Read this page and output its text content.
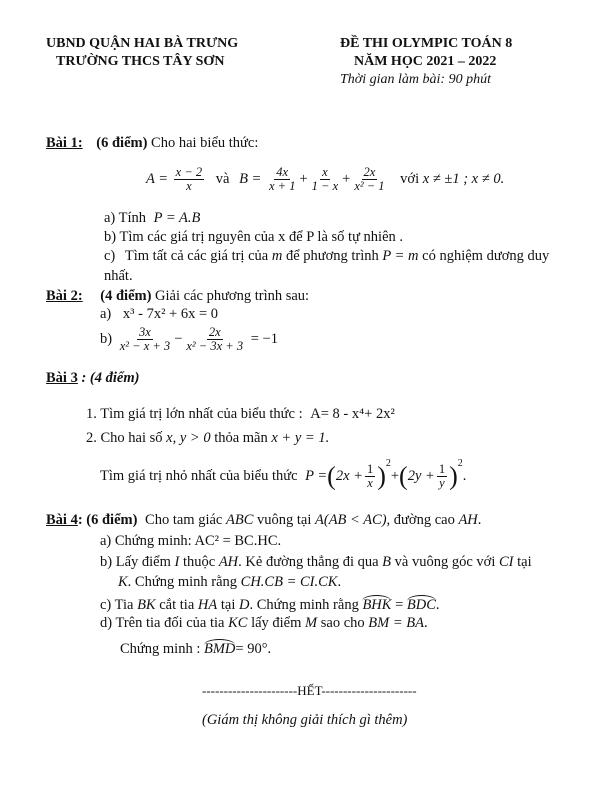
UBND QUẬN HAI BÀ TRƯNG
TRƯỜNG THCS TÂY SƠN
ĐỀ THI OLYMPIC TOÁN 8
NĂM HỌC 2021 – 2022
Thời gian làm bài: 90 phút
Bài 1: (6 điểm) Cho hai biểu thức:
$A = \frac{x - 2}{x}$ và $B = \frac{4x}{x + 1} + \frac{x}{1 - x} + \frac{2x}{\text{x² − 1}}$ với x ≠ ±1 ; x ≠ 0.
a) Tính P = A.B
b) Tìm các giá trị nguyên của x để P là số tự nhiên .
c) Tìm tất cả các giá trị của m để phương trình P = m có nghiệm dương duy
nhất.
Bài 2: (4 điểm) Giải các phương trình sau:
a) x³ - 7x² + 6x = 0
$b) \frac{3x}{\text{x² − x + 3}} - \frac{2x}{\text{x² − 3x + 3}} = -1$
Bài 3 : (4 điểm)
1. Tìm giá trị lớn nhất của biểu thức : A= 8 - x⁴+ 2x²
2. Cho hai số x, y > 0 thỏa mãn x + y = 1.
Tìm giá trị nhỏ nhất của biểu thức $P =(2x + \frac{1}{x} )^2+(2y + \frac{1}{y} )^2$.
Bài 4: (6 điểm) Cho tam giác ABC vuông tại A(AB < AC), đường cao AH.
a) Chứng minh: AC² = BC.HC.
b) Lấy điểm I thuộc AH. Kẻ đường thẳng đi qua B và vuông góc với CI tại
K. Chứng minh rằng CH.CB = CI.CK.
c) Tia BK cắt tia HA tại D. Chứng minh rằng BHK = BDC.
d) Trên tia đối của tia KC lấy điểm M sao cho BM = BA.
Chứng minh : BMD= 90°.
----------------------HẾT----------------------
(Giám thị không giải thích gì thêm)
